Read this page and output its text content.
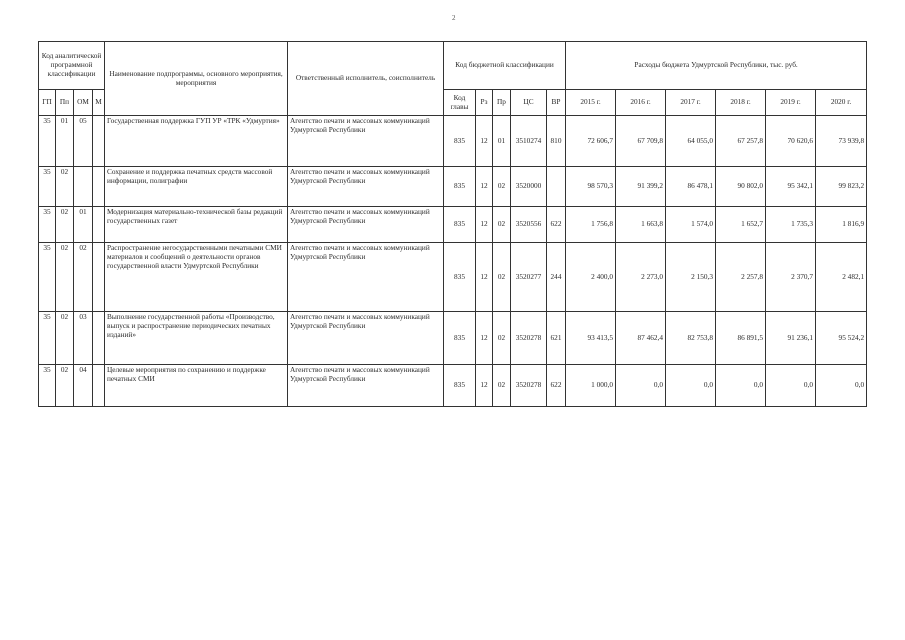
2
Код аналитической программной классификации				Наименование подпрограммы, основного мероприятия, мероприятия	Ответственный исполнитель, соисполнитель	Код бюджетной классификации					Расходы бюджета Удмуртской Республики, тыс. руб.					
ГП	Пп	ОМ	М			Код главы	Рз	Пр	ЦС	ВР	2015 г.	2016 г.	2017 г.	2018 г.	2019 г.	2020 г.
35	01	05		Государственная поддержка ГУП УР «ТРК «Удмуртия»	Агентство печати и массовых коммуникаций Удмуртской Республики	835	12	01	3510274	810	72 606,7	67 709,8	64 055,0	67 257,8	70 620,6	73 939,8
35	02			Сохранение и поддержка печатных средств массовой информации, полиграфии	Агентство печати и массовых коммуникаций Удмуртской Республики	835	12	02	3520000		98 570,3	91 399,2	86 478,1	90 802,0	95 342,1	99 823,2
35	02	01		Модернизация материально-технической базы редакций государственных газет	Агентство печати и массовых коммуникаций Удмуртской Республики	835	12	02	3520556	622	1 756,8	1 663,8	1 574,0	1 652,7	1 735,3	1 816,9
35	02	02		Распространение негосударственными печатными СМИ материалов и сообщений о деятельности органов государственной власти Удмуртской Республики	Агентство печати и массовых коммуникаций Удмуртской Республики	835	12	02	3520277	244	2 400,0	2 273,0	2 150,3	2 257,8	2 370,7	2 482,1
35	02	03		Выполнение государственной работы «Производство, выпуск и распространение периодических печатных изданий»	Агентство печати и массовых коммуникаций Удмуртской Республики	835	12	02	3520278	621	93 413,5	87 462,4	82 753,8	86 891,5	91 236,1	95 524,2
35	02	04		Целевые мероприятия по сохранению и поддержке печатных СМИ	Агентство печати и массовых коммуникаций Удмуртской Республики	835	12	02	3520278	622	1 000,0	0,0	0,0	0,0	0,0	0,0
